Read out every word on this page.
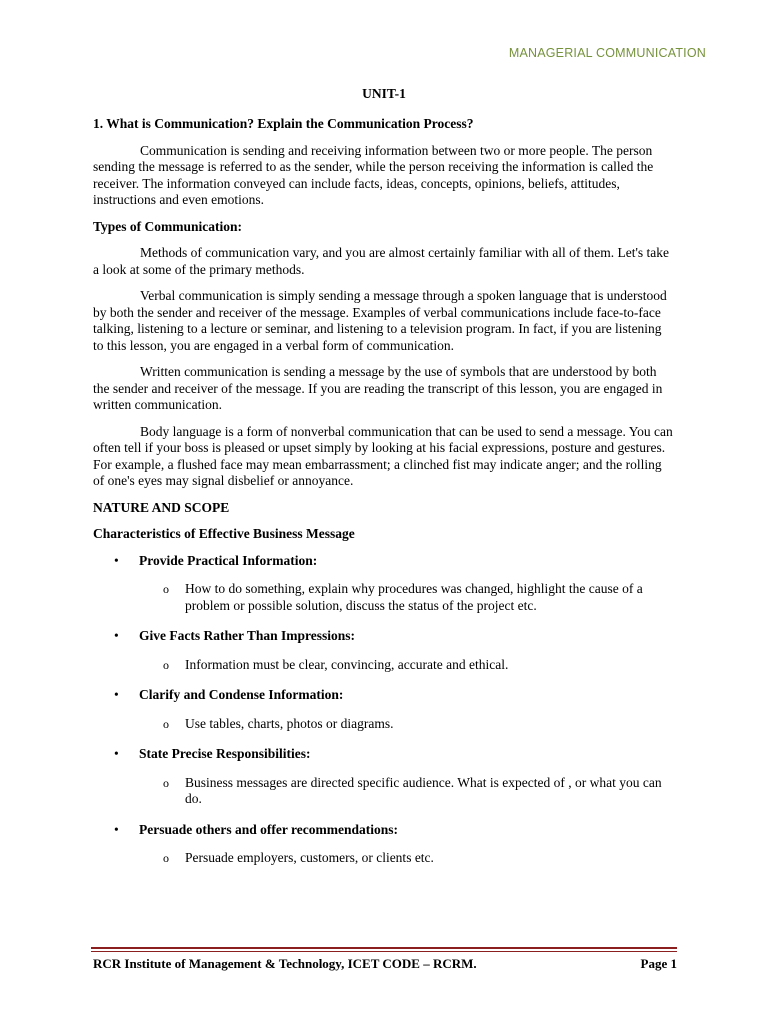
MANAGERIAL COMMUNICATION
UNIT-1
1. What is Communication? Explain the Communication Process?

Communication is sending and receiving information between two or more people. The person sending the message is referred to as the sender, while the person receiving the information is called the receiver. The information conveyed can include facts, ideas, concepts, opinions, beliefs, attitudes, instructions and even emotions.

Types of Communication:

Methods of communication vary, and you are almost certainly familiar with all of them. Let's take a look at some of the primary methods.

Verbal communication is simply sending a message through a spoken language that is understood by both the sender and receiver of the message. Examples of verbal communications include face-to-face talking, listening to a lecture or seminar, and listening to a television program. In fact, if you are listening to this lesson, you are engaged in a verbal form of communication.

Written communication is sending a message by the use of symbols that are understood by both the sender and receiver of the message. If you are reading the transcript of this lesson, you are engaged in written communication.

Body language is a form of nonverbal communication that can be used to send a message. You can often tell if your boss is pleased or upset simply by looking at his facial expressions, posture and gestures. For example, a flushed face may mean embarrassment; a clinched fist may indicate anger; and the rolling of one's eyes may signal disbelief or annoyance.

NATURE AND SCOPE
Characteristics of Effective Business Message
• Provide Practical Information:
o How to do something, explain why procedures was changed, highlight the cause of a problem or possible solution, discuss the status of the project etc.
• Give Facts Rather Than Impressions:
o Information must be clear, convincing, accurate and ethical.
• Clarify and Condense Information:
o Use tables, charts, photos or diagrams.
• State Precise Responsibilities:
o Business messages are directed specific audience. What is expected of , or what you can do.
• Persuade others and offer recommendations:
o Persuade employers, customers, or clients etc.
RCR Institute of Management & Technology, ICET CODE – RCRM.	Page 1
